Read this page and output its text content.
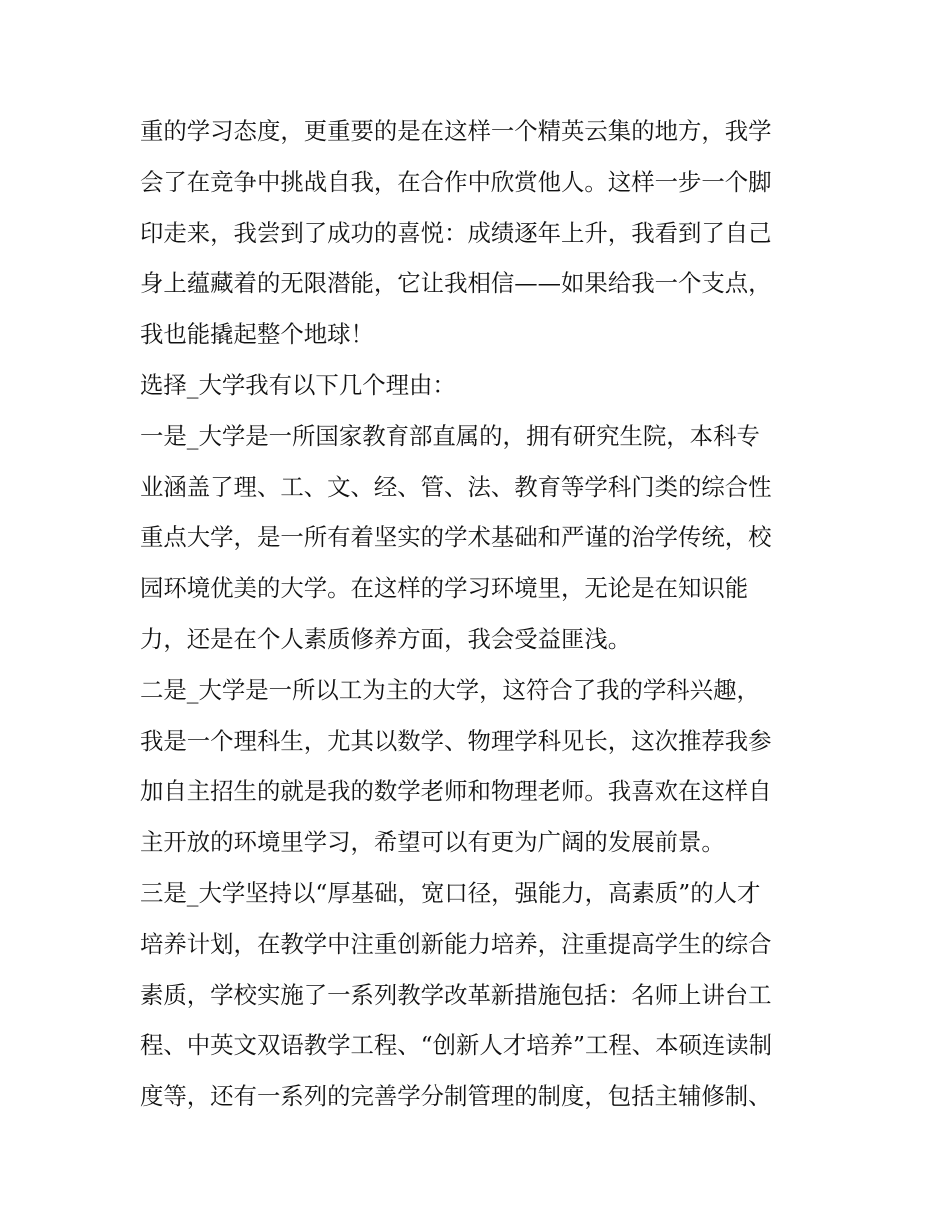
重的学习态度，更重要的是在这样一个精英云集的地方，我学
会了在竞争中挑战自我，在合作中欣赏他人。这样一步一个脚
印走来，我尝到了成功的喜悦：成绩逐年上升，我看到了自己
身上蕴藏着的无限潜能，它让我相信——如果给我一个支点，
我也能撬起整个地球！
选择_大学我有以下几个理由：
一是_大学是一所国家教育部直属的，拥有研究生院，本科专
业涵盖了理、工、文、经、管、法、教育等学科门类的综合性
重点大学，是一所有着坚实的学术基础和严谨的治学传统，校
园环境优美的大学。在这样的学习环境里，无论是在知识能
力，还是在个人素质修养方面，我会受益匪浅。
二是_大学是一所以工为主的大学，这符合了我的学科兴趣，
我是一个理科生，尤其以数学、物理学科见长，这次推荐我参
加自主招生的就是我的数学老师和物理老师。我喜欢在这样自
主开放的环境里学习，希望可以有更为广阔的发展前景。
三是_大学坚持以“厚基础，宽口径，强能力，高素质”的人才
培养计划，在教学中注重创新能力培养，注重提高学生的综合
素质，学校实施了一系列教学改革新措施包括：名师上讲台工
程、中英文双语教学工程、“创新人才培养”工程、本硕连读制
度等，还有一系列的完善学分制管理的制度，包括主辅修制、
